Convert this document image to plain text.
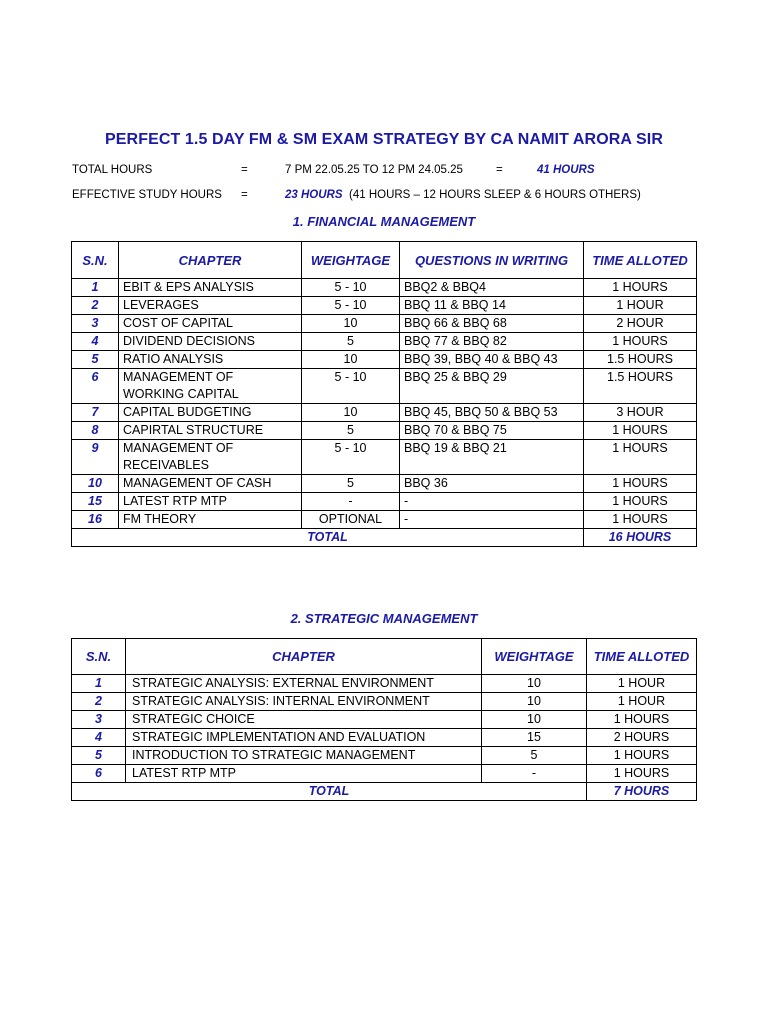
PERFECT 1.5 DAY FM & SM EXAM STRATEGY BY CA NAMIT ARORA SIR
TOTAL HOURS	=	7 PM 22.05.25 TO 12 PM 24.05.25	=	41 HOURS
EFFECTIVE STUDY HOURS =	23 HOURS (41 HOURS – 12 HOURS SLEEP & 6 HOURS OTHERS)
1. FINANCIAL MANAGEMENT
S.N.	CHAPTER	WEIGHTAGE	QUESTIONS IN WRITING	TIME ALLOTED
1	EBIT & EPS ANALYSIS	5 - 10	BBQ2 & BBQ4	1 HOURS
2	LEVERAGES	5 - 10	BBQ 11 & BBQ 14	1 HOUR
3	COST OF CAPITAL	10	BBQ 66 & BBQ 68	2 HOUR
4	DIVIDEND DECISIONS	5	BBQ 77 & BBQ 82	1 HOURS
5	RATIO ANALYSIS	10	BBQ 39, BBQ 40 & BBQ 43	1.5 HOURS
6	MANAGEMENT OF WORKING CAPITAL	5 - 10	BBQ 25 & BBQ 29	1.5 HOURS
7	CAPITAL BUDGETING	10	BBQ 45, BBQ 50 & BBQ 53	3 HOUR
8	CAPIRTAL STRUCTURE	5	BBQ 70 & BBQ 75	1 HOURS
9	MANAGEMENT OF RECEIVABLES	5 - 10	BBQ 19 & BBQ 21	1 HOURS
10	MANAGEMENT OF CASH	5	BBQ 36	1 HOURS
15	LATEST RTP MTP	-	-	1 HOURS
16	FM THEORY	OPTIONAL	-	1 HOURS
TOTAL				16 HOURS
2. STRATEGIC MANAGEMENT
S.N.	CHAPTER	WEIGHTAGE	TIME ALLOTED
1	STRATEGIC ANALYSIS: EXTERNAL ENVIRONMENT	10	1 HOUR
2	STRATEGIC ANALYSIS: INTERNAL ENVIRONMENT	10	1 HOUR
3	STRATEGIC CHOICE	10	1 HOURS
4	STRATEGIC IMPLEMENTATION AND EVALUATION	15	2 HOURS
5	INTRODUCTION TO STRATEGIC MANAGEMENT	5	1 HOURS
6	LATEST RTP MTP	-	1 HOURS
TOTAL			7 HOURS
